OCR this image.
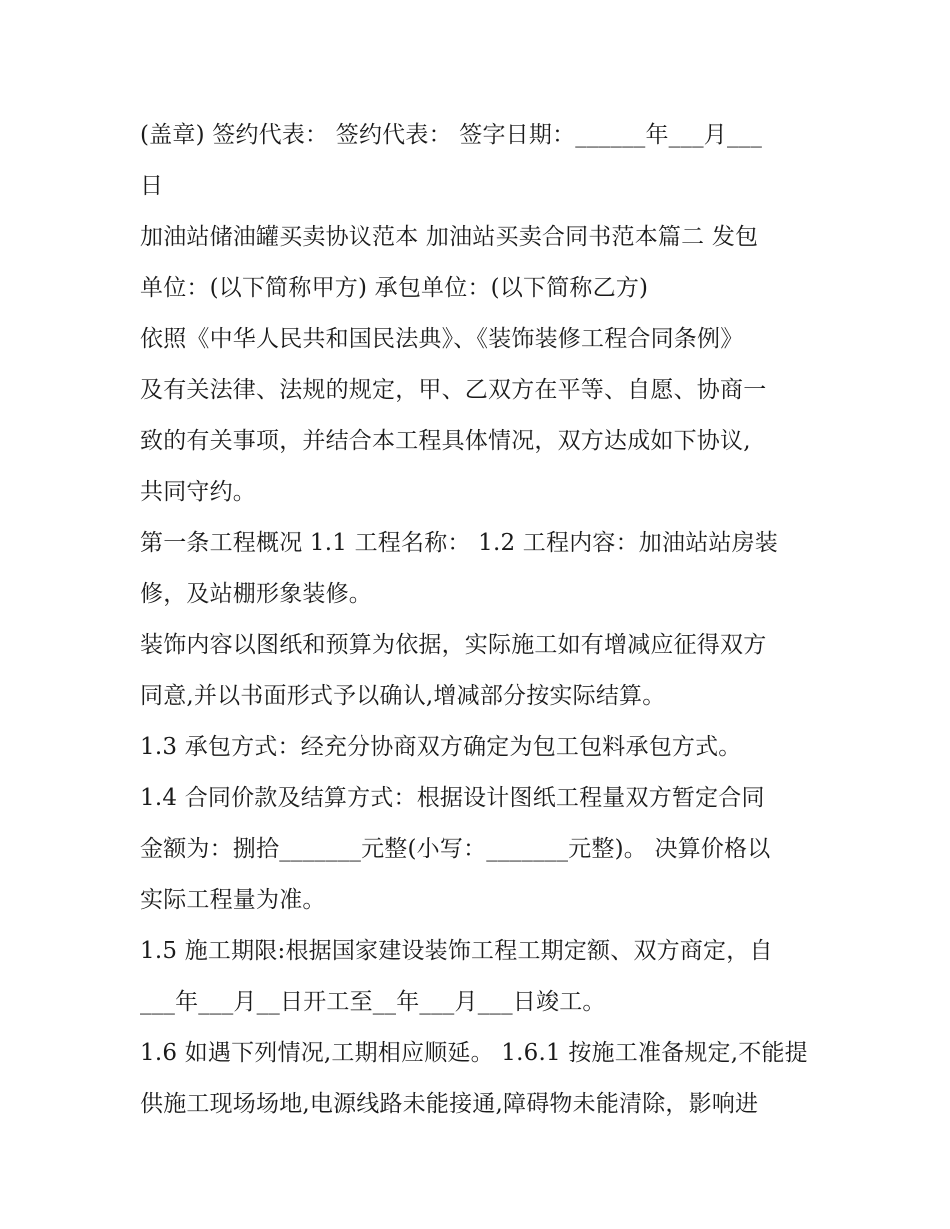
(盖章) 签约代表： 签约代表： 签字日期：______年___月___
日

加油站储油罐买卖协议范本 加油站买卖合同书范本篇二 发包
单位：(以下简称甲方) 承包单位：(以下简称乙方)

依照《中华人民共和国民法典》、《装饰装修工程合同条例》
及有关法律、法规的规定，甲、乙双方在平等、自愿、协商一
致的有关事项，并结合本工程具体情况，双方达成如下协议,
共同守约。

第一条工程概况 1.1 工程名称： 1.2 工程内容：加油站站房装
修，及站棚形象装修。

装饰内容以图纸和预算为依据，实际施工如有增减应征得双方
同意,并以书面形式予以确认,增减部分按实际结算。

1.3 承包方式：经充分协商双方确定为包工包料承包方式。

1.4 合同价款及结算方式：根据设计图纸工程量双方暂定合同
金额为：捌拾_______元整(小写：_______元整)。 决算价格以
实际工程量为准。

1.5 施工期限:根据国家建设装饰工程工期定额、双方商定，自
___年___月__日开工至__年___月___日竣工。

1.6 如遇下列情况,工期相应顺延。 1.6.1 按施工准备规定,不能提
供施工现场场地,电源线路未能接通,障碍物未能清除，影响进
